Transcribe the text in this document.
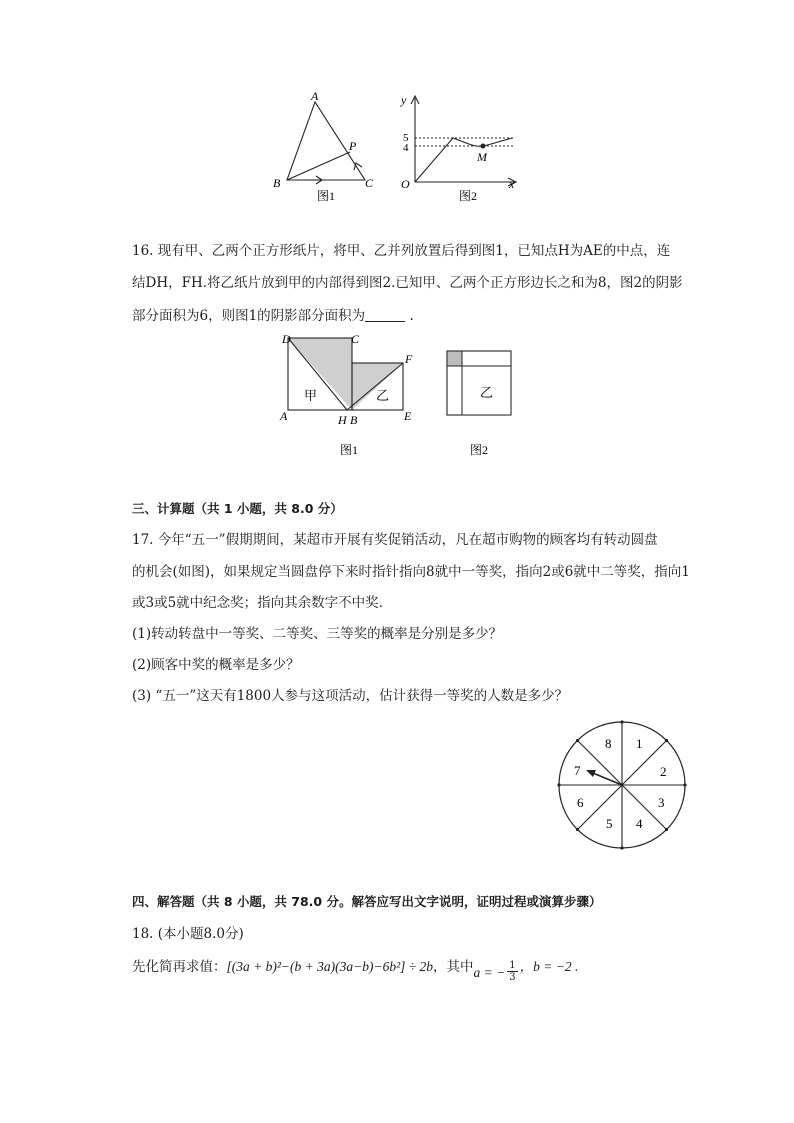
A
B	C
P
图1
y
x
O
5
4
M
图2
16. 现有甲、乙两个正方形纸片，将甲、乙并列放置后得到图1，已知点H为AE的中点，连
结DH，FH.将乙纸片放到甲的内部得到图2.已知甲、乙两个正方形边长之和为8，图2的阴影
部分面积为6，则图1的阴影部分面积为	.
D	C
F
A	H B	E
甲	乙
图1
乙
图2
三、计算题（共 1 小题，共 8.0 分）
17. 今年“五一”假期期间，某超市开展有奖促销活动，凡在超市购物的顾客均有转动圆盘
的机会(如图)，如果规定当圆盘停下来时指针指向8就中一等奖，指向2或6就中二等奖，指向1
或3或5就中纪念奖；指向其余数字不中奖．
(1)转动转盘中一等奖、二等奖、三等奖的概率是分别是多少？
(2)顾客中奖的概率是多少？
(3) “五一”这天有1800人参与这项活动，估计获得一等奖的人数是多少？
1
2
3
4
5
6
7
8
四、解答题（共 8 小题，共 78.0 分。解答应写出文字说明，证明过程或演算步骤）
18. (本小题8.0分)
先化简再求值：[(3a + b)²−(b + 3a)(3a−b)−6b²] ÷ 2b，其中a = − $\frac{1}{3}$ ，b = −2 .
